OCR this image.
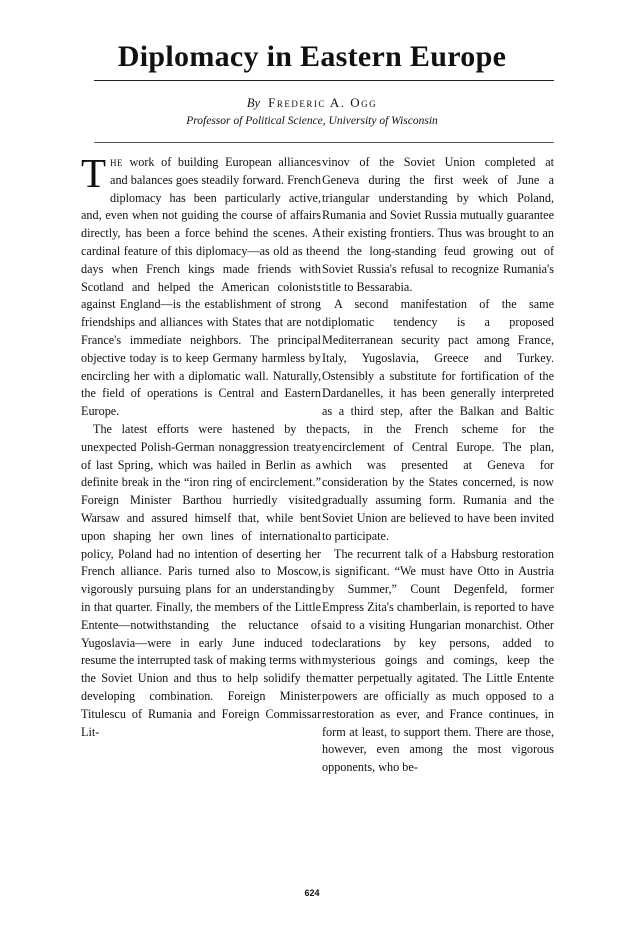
Diplomacy in Eastern Europe
By Frederic A. Ogg
Professor of Political Science, University of Wisconsin

The work of building European alliances and balances goes steadily forward. French diplomacy has been particularly active, and, even when not guiding the course of affairs directly, has been a force behind the scenes. A cardinal feature of this diplomacy—as old as the days when French kings made friends with Scotland and helped the American colonists against England—is the establishment of strong friendships and alliances with States that are not France's immediate neighbors. The principal objective today is to keep Germany harmless by encircling her with a diplomatic wall. Naturally, the field of operations is Central and Eastern Europe.

The latest efforts were hastened by the unexpected Polish-German nonaggression treaty of last Spring, which was hailed in Berlin as a definite break in the “iron ring of encirclement.” Foreign Minister Barthou hurriedly visited Warsaw and assured himself that, while bent upon shaping her own lines of international policy, Poland had no intention of deserting her French alliance. Paris turned also to Moscow, vigorously pursuing plans for an understanding in that quarter. Finally, the members of the Little Entente—notwithstanding the reluctance of Yugoslavia—were in early June induced to resume the interrupted task of making terms with the Soviet Union and thus to help solidify the developing combination. Foreign Minister Titulescu of Rumania and Foreign Commissar Lit-

vinov of the Soviet Union completed at Geneva during the first week of June a triangular understanding by which Poland, Rumania and Soviet Russia mutually guarantee their existing frontiers. Thus was brought to an end the long-standing feud growing out of Soviet Russia's refusal to recognize Rumania's title to Bessarabia.

A second manifestation of the same diplomatic tendency is a proposed Mediterranean security pact among France, Italy, Yugoslavia, Greece and Turkey. Ostensibly a substitute for fortification of the Dardanelles, it has been generally interpreted as a third step, after the Balkan and Baltic pacts, in the French scheme for the encirclement of Central Europe. The plan, which was presented at Geneva for consideration by the States concerned, is now gradually assuming form. Rumania and the Soviet Union are believed to have been invited to participate.

The recurrent talk of a Habsburg restoration is significant. “We must have Otto in Austria by Summer,” Count Degenfeld, former Empress Zita's chamberlain, is reported to have said to a visiting Hungarian monarchist. Other declarations by key persons, added to mysterious goings and comings, keep the matter perpetually agitated. The Little Entente powers are officially as much opposed to a restoration as ever, and France continues, in form at least, to support them. There are those, however, even among the most vigorous opponents, who be-

624
